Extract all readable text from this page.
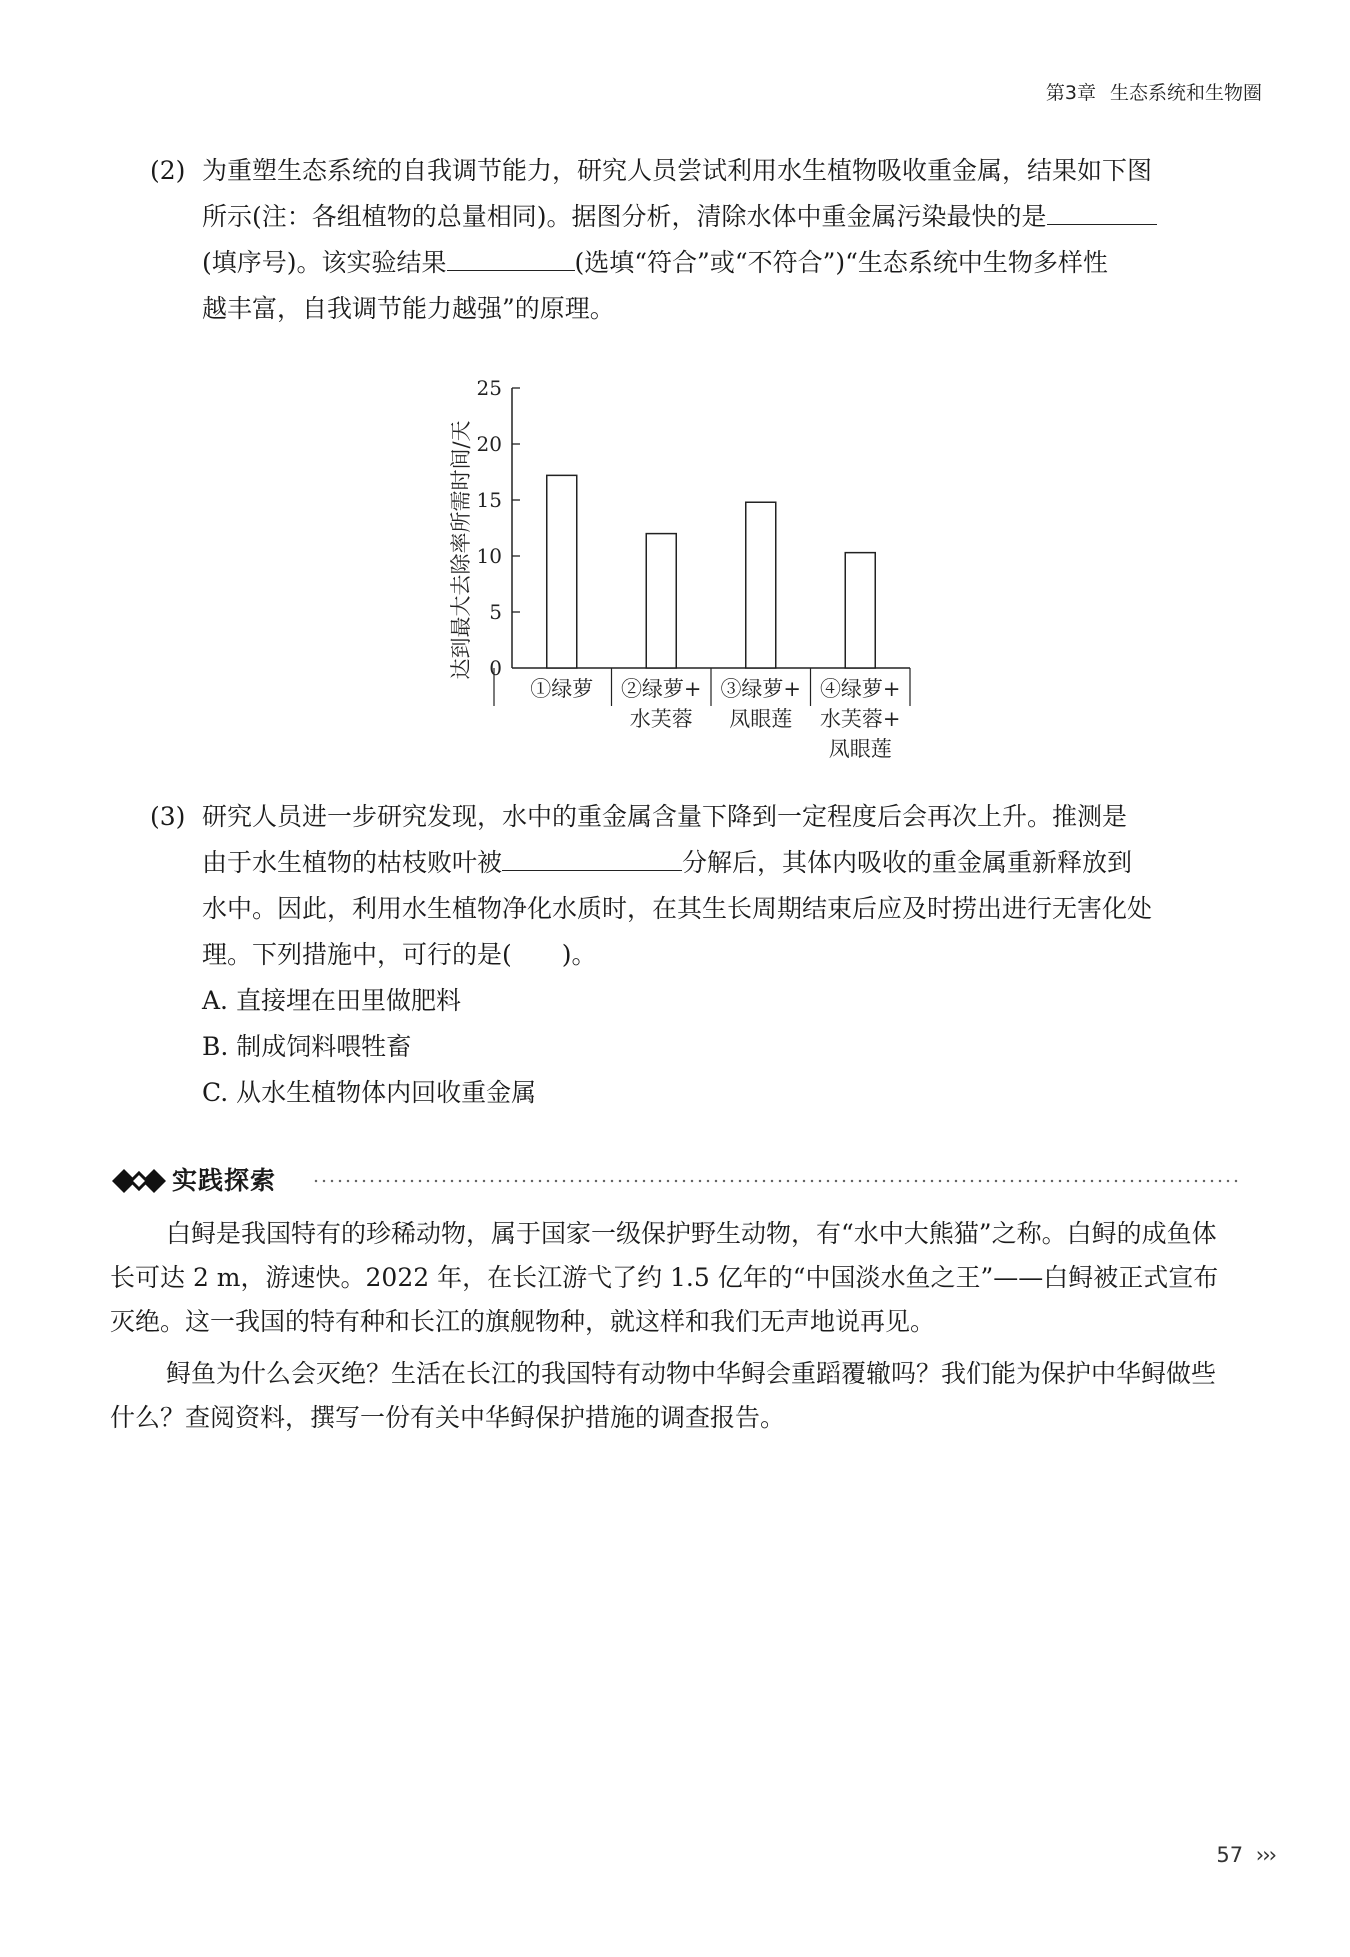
第3章 生态系统和生物圈

(2) 为重塑生态系统的自我调节能力，研究人员尝试利用水生植物吸收重金属，结果如下图

所示(注：各组植物的总量相同)。据图分析，清除水体中重金属污染最快的是

(填序号)。该实验结果	(选填“符合”或“不符合”)“生态系统中生物多样性

越丰富，自我调节能力越强”的原理。

达到最大去除率所需时间/天 0
5
10
15
20
25
①绿萝 ②绿萝+
水芙蓉
③绿萝+
凤眼莲
④绿萝+
水芙蓉+
凤眼莲

(3) 研究人员进一步研究发现，水中的重金属含量下降到一定程度后会再次上升。推测是

由于水生植物的枯枝败叶被	分解后，其体内吸收的重金属重新释放到

水中。因此，利用水生植物净化水质时，在其生长周期结束后应及时捞出进行无害化处

理。下列措施中，可行的是(　　)。

A. 直接埋在田里做肥料
B. 制成饲料喂牲畜
C. 从水生植物体内回收重金属
实践探索

白鲟是我国特有的珍稀动物，属于国家一级保护野生动物，有“水中大熊猫”之称。白鲟的成鱼体长可达 2 m，游速快。2022 年，在长江游弋了约 1.5 亿年的“中国淡水鱼之王”——白鲟被正式宣布灭绝。这一我国的特有种和长江的旗舰物种，就这样和我们无声地说再见。

鲟鱼为什么会灭绝？生活在长江的我国特有动物中华鲟会重蹈覆辙吗？我们能为保护中华鲟做些什么？查阅资料，撰写一份有关中华鲟保护措施的调查报告。

57 ›››
